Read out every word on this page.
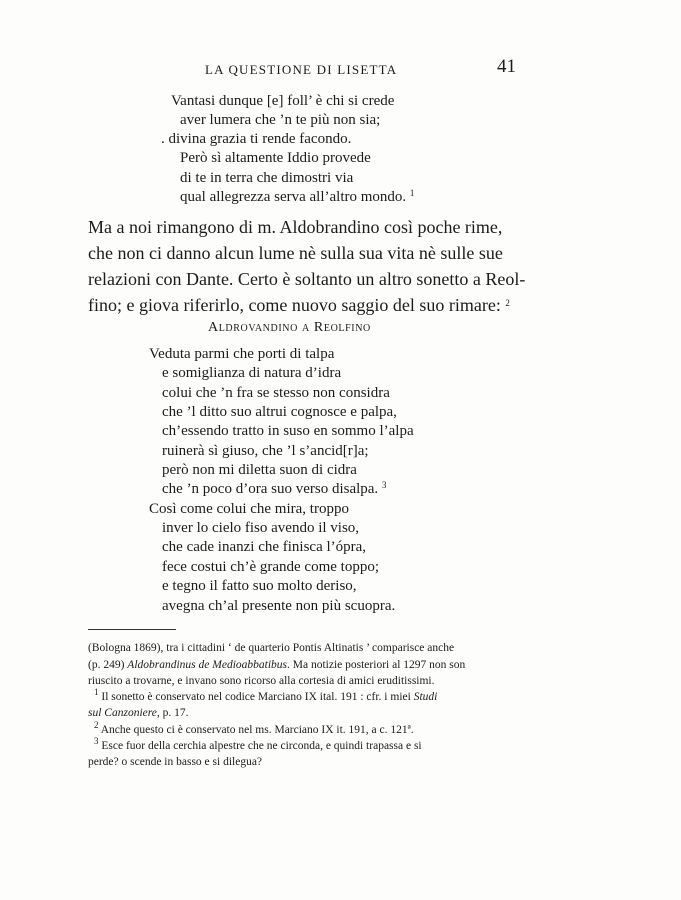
LA QUESTIONE DI LISETTA	41
Vantasi dunque [e] foll’ è chi si crede
aver lumera che ’n te più non sia;
. divina grazia ti rende facondo.
Però sì altamente Iddio provede
di te in terra che dimostri via
qual allegrezza serva all’altro mondo. $^1$
Ma a noi rimangono di m. Aldobrandino così poche rime,
che non ci danno alcun lume nè sulla sua vita nè sulle sue
relazioni con Dante. Certo è soltanto un altro sonetto a Reol-
fino; e giova riferirlo, come nuovo saggio del suo rimare: $^2$
Aldrovandino a Reolfino
Veduta parmi che porti di talpa
e somiglianza di natura d’idra
colui che ’n fra se stesso non considra
che ’l ditto suo altrui cognosce e palpa,
ch’essendo tratto in suso en sommo l’alpa
ruinerà sì giuso, che ’l s’ancid[r]a;
però non mi diletta suon di cidra
che ’n poco d’ora suo verso disalpa. $^3$
Così come colui che mira, troppo
inver lo cielo fiso avendo il viso,
che cade inanzi che finisca l’ópra,
fece costui ch’è grande come toppo;
e tegno il fatto suo molto deriso,
avegna ch’al presente non più scuopra.
(Bologna 1869), tra i cittadini ‘ de quarterio Pontis Altinatis ’ comparisce anche
(p. 249) Aldobrandinus de Medioabbatibus. Ma notizie posteriori al 1297 non son
riuscito a trovarne, e invano sono ricorso alla cortesia di amici eruditissimi.
$^1$ Il sonetto è conservato nel codice Marciano IX ital. 191 : cfr. i miei Studi
sul Canzoniere, p. 17.
$^2$ Anche questo ci è conservato nel ms. Marciano IX it. 191, a c. 121ª.
$^3$ Esce fuor della cerchia alpestre che ne circonda, e quindi trapassa e si
perde? o scende in basso e si dilegua?
